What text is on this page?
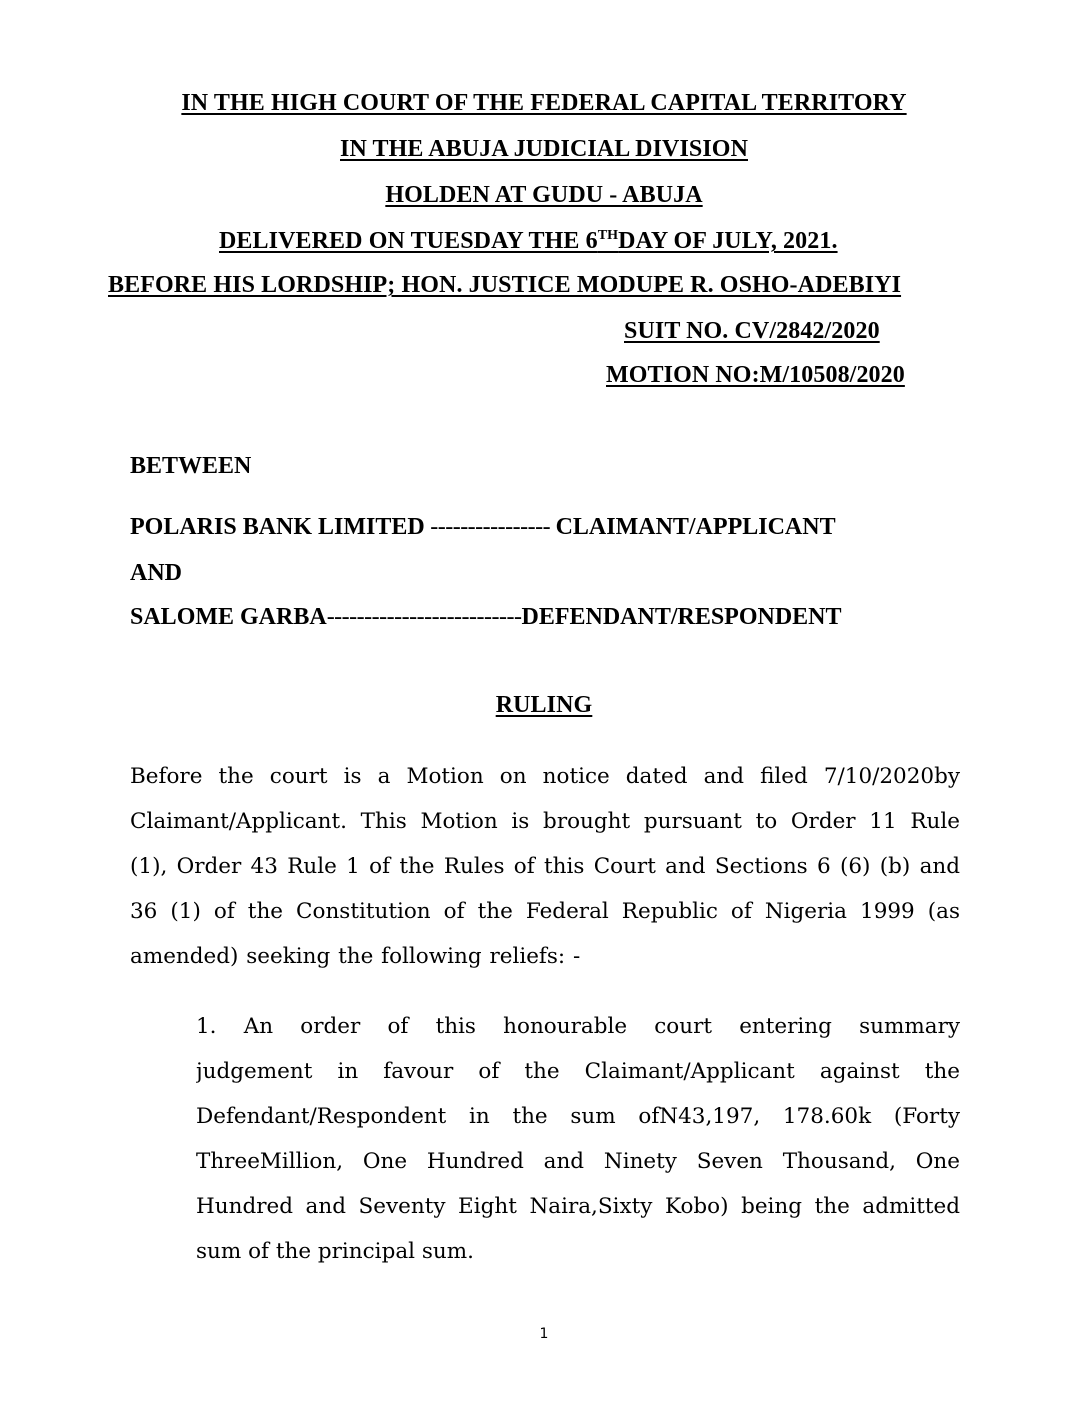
IN THE HIGH COURT OF THE FEDERAL CAPITAL TERRITORY
IN THE ABUJA JUDICIAL DIVISION
HOLDEN AT GUDU - ABUJA
DELIVERED ON TUESDAY THE 6THDAY OF JULY, 2021.
BEFORE HIS LORDSHIP; HON. JUSTICE MODUPE R. OSHO-ADEBIYI
SUIT NO. CV/2842/2020
MOTION NO:M/10508/2020
BETWEEN
POLARIS BANK LIMITED ---------------- CLAIMANT/APPLICANT
AND
SALOME GARBA--------------------------DEFENDANT/RESPONDENT
RULING
Before the court is a Motion on notice dated and filed 7/10/2020by
Claimant/Applicant. This Motion is brought pursuant to Order 11 Rule
(1), Order 43 Rule 1 of the Rules of this Court and Sections 6 (6) (b) and
36 (1) of the Constitution of the Federal Republic of Nigeria 1999 (as
amended) seeking the following reliefs: -
1. An order of this honourable court entering summary
judgement in favour of the Claimant/Applicant against the
Defendant/Respondent in the sum ofN43,197, 178.60k (Forty
ThreeMillion, One Hundred and Ninety Seven Thousand, One
Hundred and Seventy Eight Naira,Sixty Kobo) being the admitted
sum of the principal sum.
1
